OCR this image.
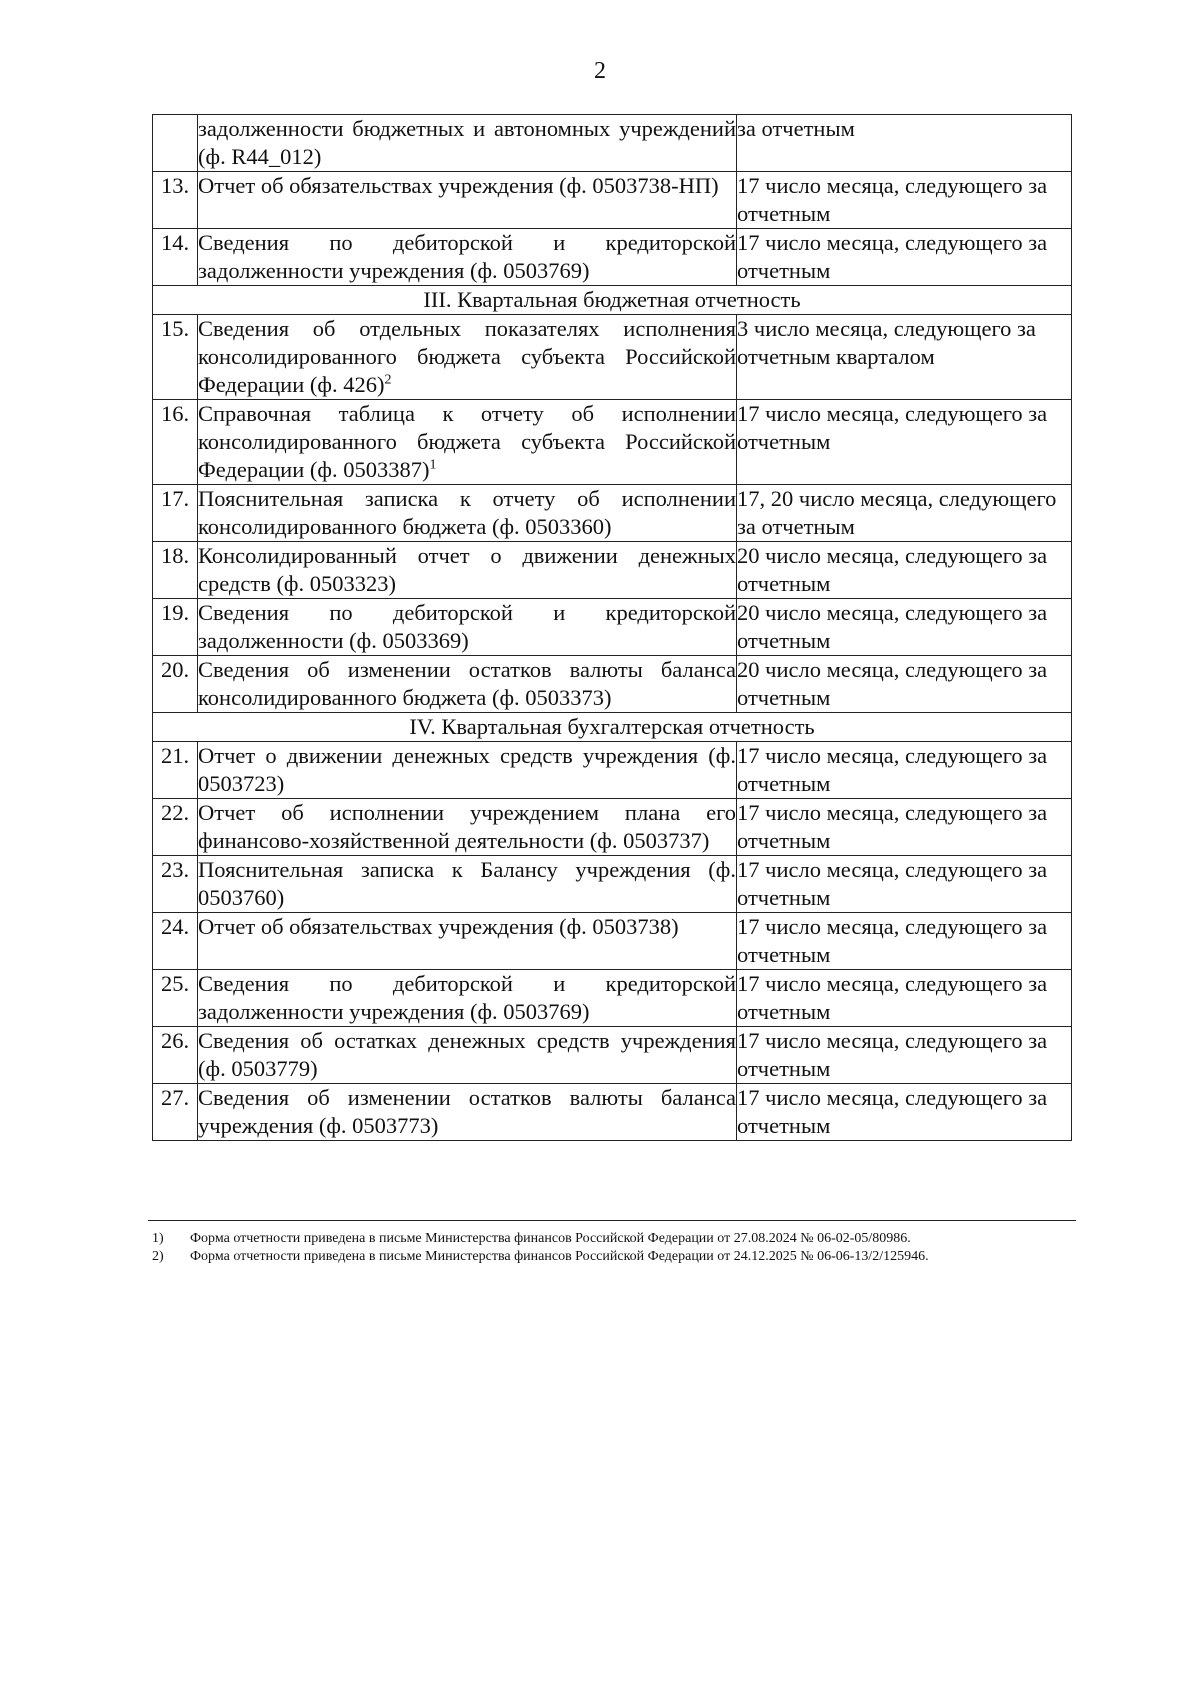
2
	задолженности бюджетных и автономных учреждений (ф. R44_012)	за отчетным
13.	Отчет об обязательствах учреждения (ф. 0503738-НП)	17 число месяца, следующего за отчетным
14.	Сведения по дебиторской и кредиторской задолженности учреждения (ф. 0503769)	17 число месяца, следующего за отчетным
III. Квартальная бюджетная отчетность		
15.	Сведения об отдельных показателях исполнения консолидированного бюджета субъекта Российской Федерации (ф. 426)$^2$	3 число месяца, следующего за отчетным кварталом
16.	Справочная таблица к отчету об исполнении консолидированного бюджета субъекта Российской Федерации (ф. 0503387)$^1$	17 число месяца, следующего за отчетным
17.	Пояснительная записка к отчету об исполнении консолидированного бюджета (ф. 0503360)	17, 20 число месяца, следующего за отчетным
18.	Консолидированный отчет о движении денежных средств (ф. 0503323)	20 число месяца, следующего за отчетным
19.	Сведения по дебиторской и кредиторской задолженности (ф. 0503369)	20 число месяца, следующего за отчетным
20.	Сведения об изменении остатков валюты баланса консолидированного бюджета (ф. 0503373)	20 число месяца, следующего за отчетным
IV. Квартальная бухгалтерская отчетность		
21.	Отчет о движении денежных средств учреждения (ф. 0503723)	17 число месяца, следующего за отчетным
22.	Отчет об исполнении учреждением плана его финансово-хозяйственной деятельности (ф. 0503737)	17 число месяца, следующего за отчетным
23.	Пояснительная записка к Балансу учреждения (ф. 0503760)	17 число месяца, следующего за отчетным
24.	Отчет об обязательствах учреждения (ф. 0503738)	17 число месяца, следующего за отчетным
25.	Сведения по дебиторской и кредиторской задолженности учреждения (ф. 0503769)	17 число месяца, следующего за отчетным
26.	Сведения об остатках денежных средств учреждения (ф. 0503779)	17 число месяца, следующего за отчетным
27.	Сведения об изменении остатков валюты баланса учреждения (ф. 0503773)	17 число месяца, следующего за отчетным
1)	Форма отчетности приведена в письме Министерства финансов Российской Федерации от 27.08.2024 № 06-02-05/80986.
2)	Форма отчетности приведена в письме Министерства финансов Российской Федерации от 24.12.2025 № 06-06-13/2/125946.
